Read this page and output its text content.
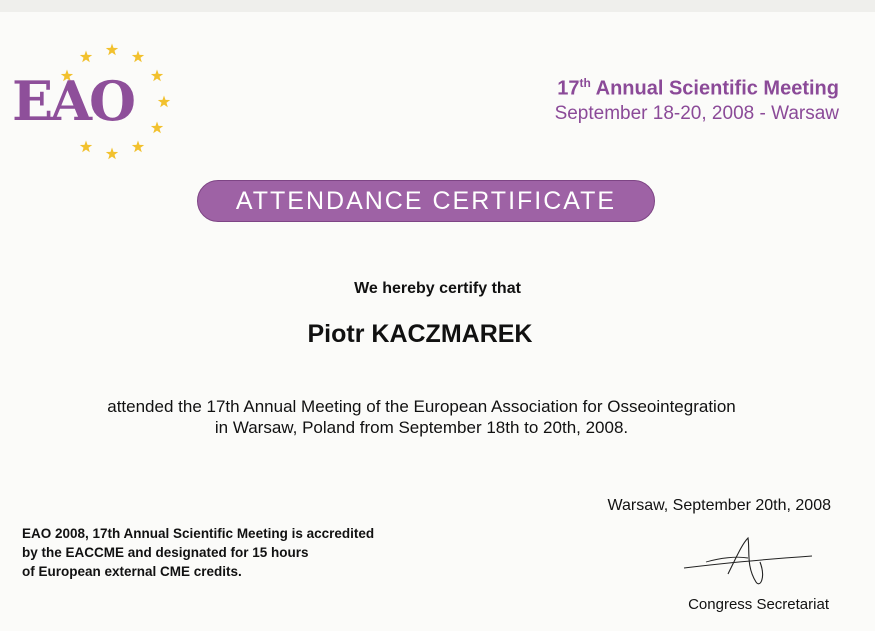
EAO	17th Annual Scientific Meeting
September 18-20, 2008 - Warsaw
ATTENDANCE CERTIFICATE
We hereby certify that
Piotr KACZMAREK
attended the 17th Annual Meeting of the European Association for Osseointegration
in Warsaw, Poland from September 18th to 20th, 2008.
Warsaw, September 20th, 2008
EAO 2008, 17th Annual Scientific Meeting is accredited
by the EACCME and designated for 15 hours
of European external CME credits.
Congress Secretariat
